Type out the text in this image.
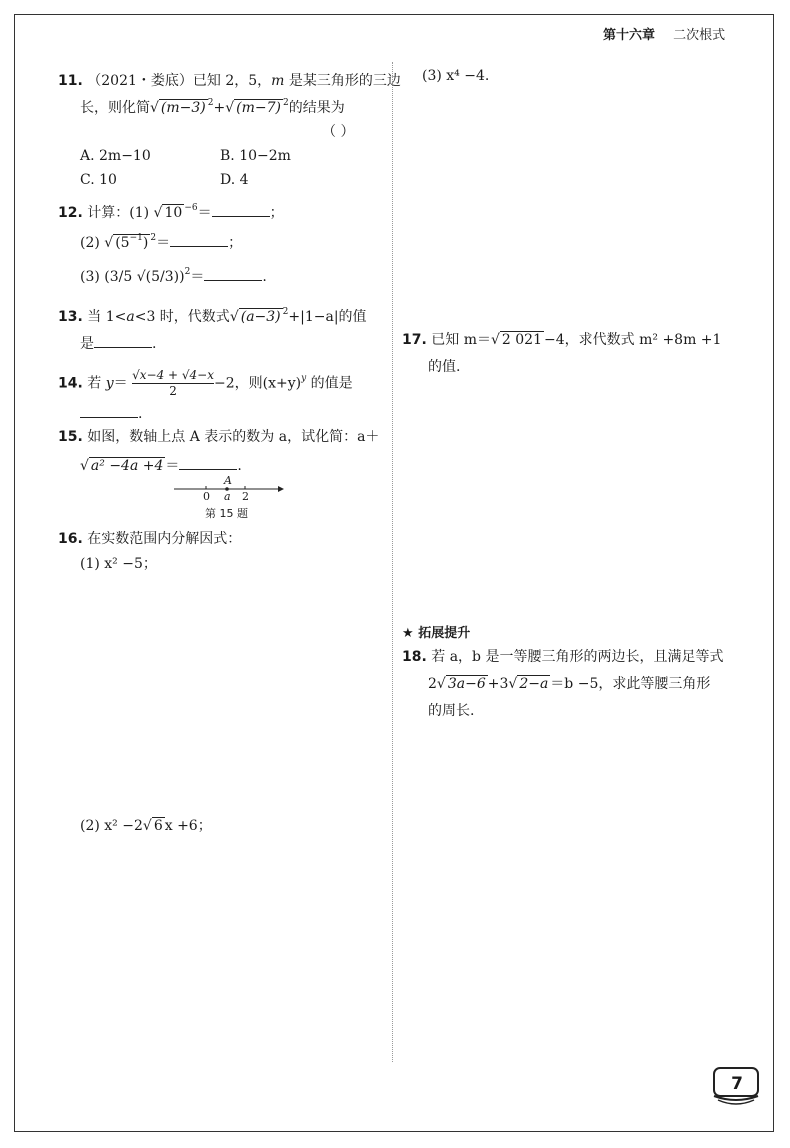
第十六章 二次根式
11. （2021・娄底）已知 2，5，m 是某三角形的三边
长，则化简√ (m−3) $^2$+√ (m−7) $^2$的结果为
（ ）
A. 2m−10	B. 10−2m
C. 10	D. 4
12. 计算：(1) √ 10 $^{-6}$＝	；
(2) √ $(5^{-1})$ $^2$＝	；
(3) (3/5 √(5/3))$^2$＝	.
13. 当 1<a<3 时，代数式√ (a−3) $^2$+|1−a|的值
是	.
14. 若 $y= \frac{√x-4 + √4-x}{2} -2$，则$(x+y)^y$ 的值是
.
15. 如图，数轴上点 A 表示的数为 a，试化简：a＋
√ a² −4a +4 ＝	.
A
0 a 2
第 15 题
16. 在实数范围内分解因式：
(1) x² −5；
(2) x² −2√ 6 x +6；
(3) x⁴ −4.
17. 已知 m＝√ 2 021 −4，求代数式 m² +8m +1
的值.
★ 拓展提升
18. 若 a，b 是一等腰三角形的两边长，且满足等式
2√ 3a−6 +3√ 2−a ＝b −5，求此等腰三角形
的周长.
7
